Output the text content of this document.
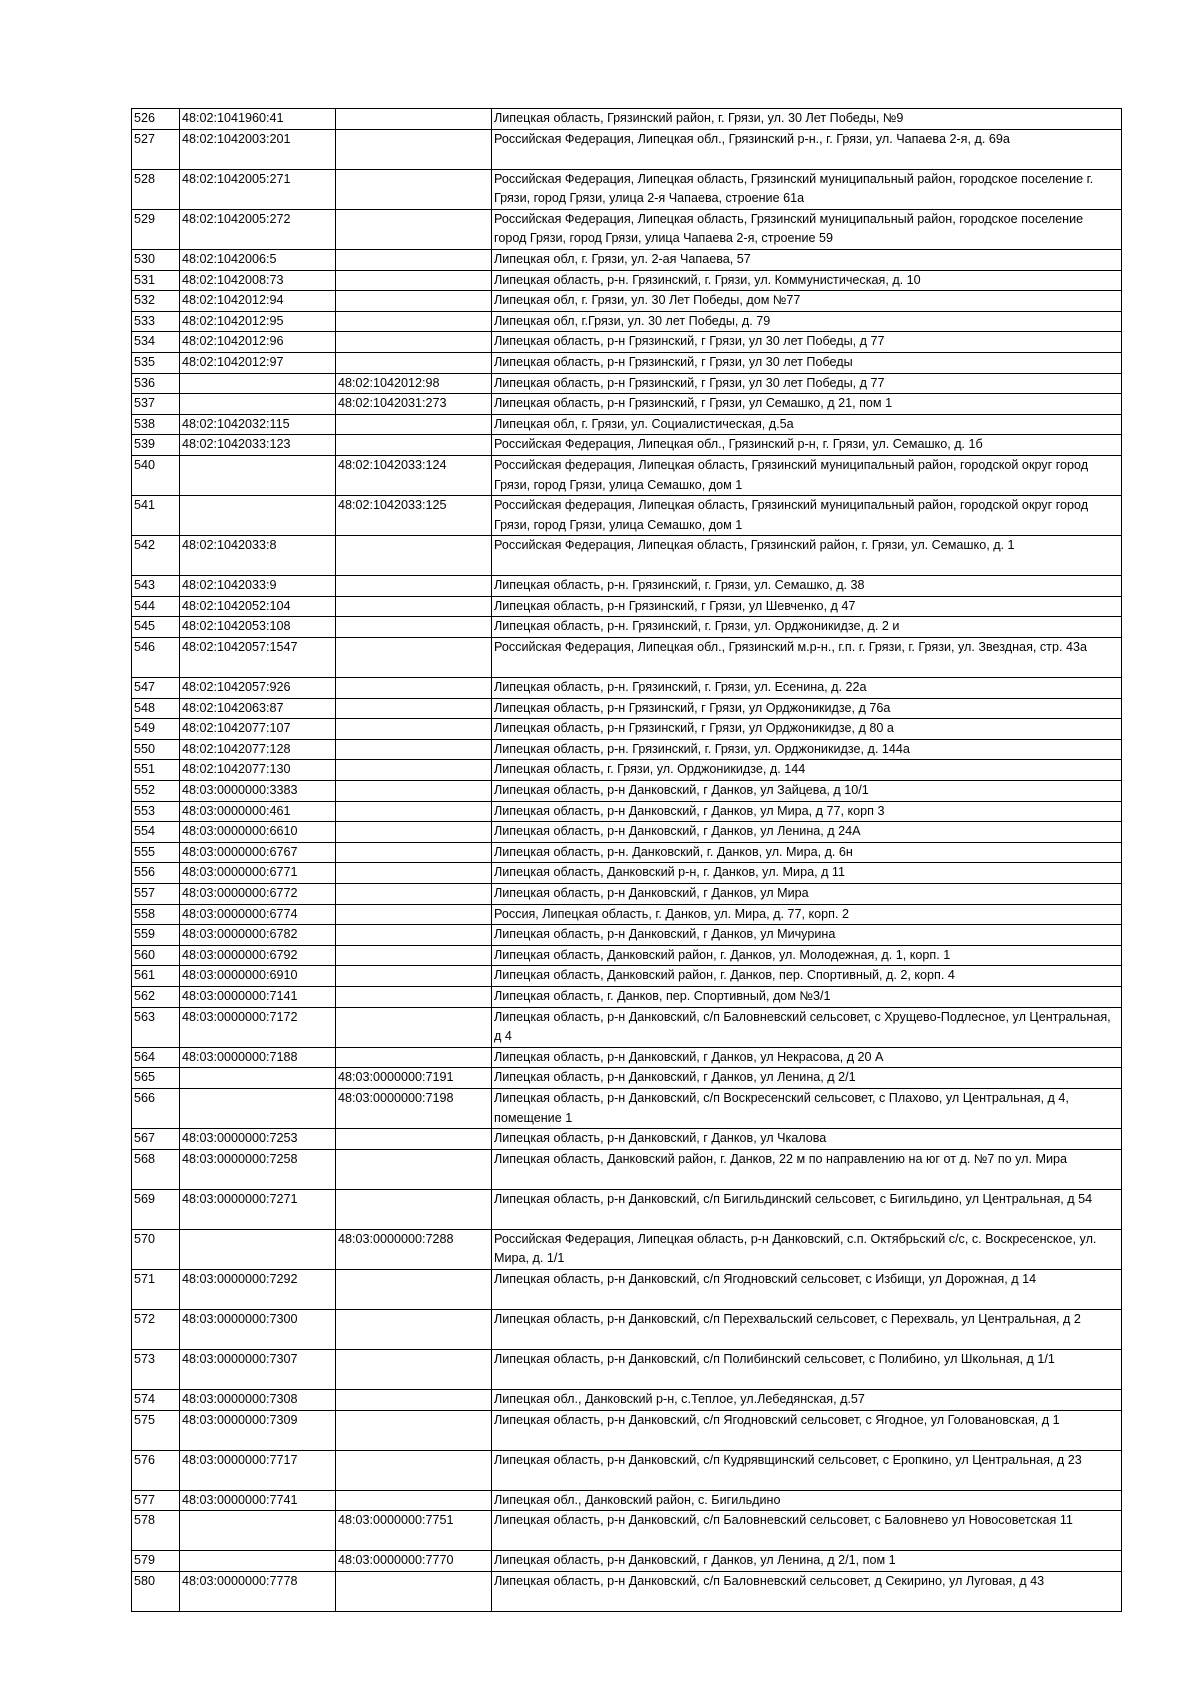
526	48:02:1041960:41		Липецкая область, Грязинский район, г. Грязи, ул. 30 Лет Победы, №9
527	48:02:1042003:201		Российская Федерация, Липецкая обл., Грязинский р-н., г. Грязи, ул. Чапаева 2-я, д. 69а
528	48:02:1042005:271		Российская Федерация, Липецкая область, Грязинский муниципальный район, городское поселение г. Грязи, город Грязи, улица 2-я Чапаева, строение 61а
529	48:02:1042005:272		Российская Федерация, Липецкая область, Грязинский муниципальный район, городское поселение город Грязи, город Грязи, улица Чапаева 2-я, строение 59
530	48:02:1042006:5		Липецкая обл, г. Грязи, ул. 2-ая Чапаева, 57
531	48:02:1042008:73		Липецкая область, р-н. Грязинский, г. Грязи, ул. Коммунистическая, д. 10
532	48:02:1042012:94		Липецкая обл, г. Грязи, ул. 30 Лет Победы, дом №77
533	48:02:1042012:95		Липецкая обл, г.Грязи, ул. 30 лет Победы, д. 79
534	48:02:1042012:96		Липецкая область, р-н Грязинский, г Грязи, ул 30 лет Победы, д 77
535	48:02:1042012:97		Липецкая область, р-н Грязинский, г Грязи, ул 30 лет Победы
536		48:02:1042012:98	Липецкая область, р-н Грязинский, г Грязи, ул 30 лет Победы, д 77
537		48:02:1042031:273	Липецкая область, р-н Грязинский, г Грязи, ул Семашко, д 21, пом 1
538	48:02:1042032:115		Липецкая обл, г. Грязи, ул. Социалистическая, д.5а
539	48:02:1042033:123		Российская Федерация, Липецкая обл., Грязинский р-н, г. Грязи, ул. Семашко, д. 1б
540		48:02:1042033:124	Российская федерация, Липецкая область, Грязинский муниципальный район, городской округ город Грязи, город Грязи, улица Семашко, дом 1
541		48:02:1042033:125	Российская федерация, Липецкая область, Грязинский муниципальный район, городской округ город Грязи, город Грязи, улица Семашко, дом 1
542	48:02:1042033:8		Российская Федерация, Липецкая область, Грязинский район, г. Грязи, ул. Семашко, д. 1
543	48:02:1042033:9		Липецкая область, р-н. Грязинский, г. Грязи, ул. Семашко, д. 38
544	48:02:1042052:104		Липецкая область, р-н Грязинский, г Грязи, ул Шевченко, д 47
545	48:02:1042053:108		Липецкая область, р-н. Грязинский, г. Грязи, ул. Орджоникидзе, д. 2 и
546	48:02:1042057:1547		Российская Федерация, Липецкая обл., Грязинский м.р-н., г.п. г. Грязи, г. Грязи, ул. Звездная, стр. 43а
547	48:02:1042057:926		Липецкая область, р-н. Грязинский, г. Грязи, ул. Есенина, д. 22а
548	48:02:1042063:87		Липецкая область, р-н Грязинский, г Грязи, ул Орджоникидзе, д 76а
549	48:02:1042077:107		Липецкая область, р-н Грязинский, г Грязи, ул Орджоникидзе, д 80 а
550	48:02:1042077:128		Липецкая область, р-н. Грязинский, г. Грязи, ул. Орджоникидзе, д. 144а
551	48:02:1042077:130		Липецкая область, г. Грязи, ул. Орджоникидзе, д. 144
552	48:03:0000000:3383		Липецкая область, р-н Данковский, г Данков, ул Зайцева, д 10/1
553	48:03:0000000:461		Липецкая область, р-н Данковский, г Данков, ул Мира, д 77, корп 3
554	48:03:0000000:6610		Липецкая область, р-н Данковский, г Данков, ул Ленина, д 24А
555	48:03:0000000:6767		Липецкая область, р-н. Данковский, г. Данков, ул. Мира, д. 6н
556	48:03:0000000:6771		Липецкая область, Данковский р-н, г. Данков, ул. Мира, д 11
557	48:03:0000000:6772		Липецкая область, р-н Данковский, г Данков, ул Мира
558	48:03:0000000:6774		Россия, Липецкая область, г. Данков, ул. Мира, д. 77, корп. 2
559	48:03:0000000:6782		Липецкая область, р-н Данковский, г Данков, ул Мичурина
560	48:03:0000000:6792		Липецкая область, Данковский район, г. Данков, ул. Молодежная, д. 1, корп. 1
561	48:03:0000000:6910		Липецкая область, Данковский район, г. Данков, пер. Спортивный, д. 2, корп. 4
562	48:03:0000000:7141		Липецкая область, г. Данков, пер. Спортивный, дом №3/1
563	48:03:0000000:7172		Липецкая область, р-н Данковский, с/п Баловневский сельсовет, с Хрущево-Подлесное, ул Центральная, д 4
564	48:03:0000000:7188		Липецкая область, р-н Данковский, г Данков, ул Некрасова, д 20 А
565		48:03:0000000:7191	Липецкая область, р-н Данковский, г Данков, ул Ленина, д 2/1
566		48:03:0000000:7198	Липецкая область, р-н Данковский, с/п Воскресенский сельсовет, с Плахово, ул Центральная, д 4, помещение 1
567	48:03:0000000:7253		Липецкая область, р-н Данковский, г Данков, ул Чкалова
568	48:03:0000000:7258		Липецкая область, Данковский район, г. Данков, 22 м по направлению на юг от д. №7 по ул. Мира
569	48:03:0000000:7271		Липецкая область, р-н Данковский, с/п Бигильдинский сельсовет, с Бигильдино, ул Центральная, д 54
570		48:03:0000000:7288	Российская Федерация, Липецкая область, р-н Данковский, с.п. Октябрьский с/с, с. Воскресенское, ул. Мира, д. 1/1
571	48:03:0000000:7292		Липецкая область, р-н Данковский, с/п Ягодновский сельсовет, с Избищи, ул Дорожная, д 14
572	48:03:0000000:7300		Липецкая область, р-н Данковский, с/п Перехвальский сельсовет, с Перехваль, ул Центральная, д 2
573	48:03:0000000:7307		Липецкая область, р-н Данковский, с/п Полибинский сельсовет, с Полибино, ул Школьная, д 1/1
574	48:03:0000000:7308		Липецкая обл., Данковский р-н, с.Теплое, ул.Лебедянская, д.57
575	48:03:0000000:7309		Липецкая область, р-н Данковский, с/п Ягодновский сельсовет, с Ягодное, ул Головановская, д 1
576	48:03:0000000:7717		Липецкая область, р-н Данковский, с/п Кудрявщинский сельсовет, с Еропкино, ул Центральная, д 23
577	48:03:0000000:7741		Липецкая обл., Данковский район, с. Бигильдино
578		48:03:0000000:7751	Липецкая область, р-н Данковский, с/п Баловневский сельсовет, с Баловнево ул Новосоветская 11
579		48:03:0000000:7770	Липецкая область, р-н Данковский, г Данков, ул Ленина, д 2/1, пом 1
580	48:03:0000000:7778		Липецкая область, р-н Данковский, с/п Баловневский сельсовет, д Секирино, ул Луговая, д 43
